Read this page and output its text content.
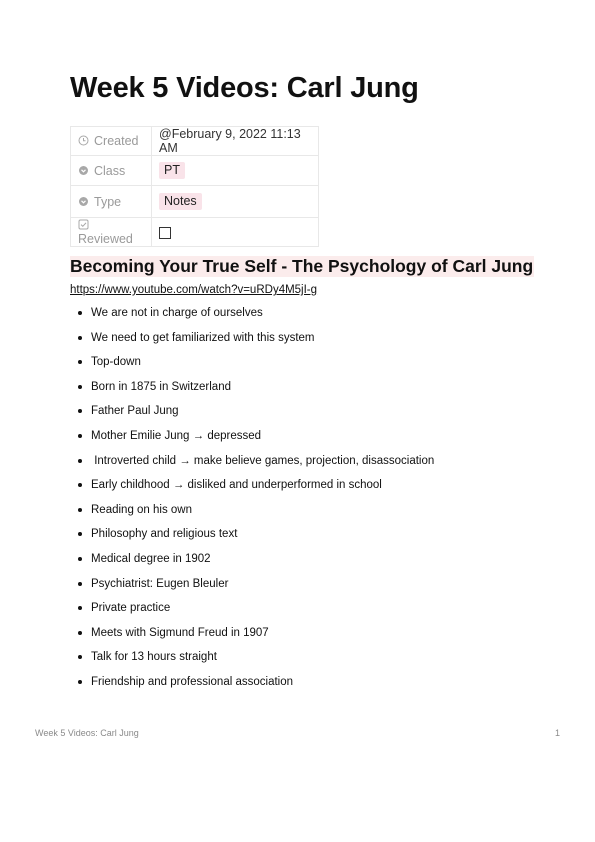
Week 5 Videos: Carl Jung
Created	@February 9, 2022 11:13 AM

Class	PT

Type	Notes

Reviewed	
Becoming Your True Self - The Psychology of Carl Jung
https://www.youtube.com/watch?v=uRDy4M5jI-g
We are not in charge of ourselves
We need to get familiarized with this system
Top-down
Born in 1875 in Switzerland
Father Paul Jung
Mother Emilie Jung → depressed
Introverted child → make believe games, projection, disassociation
Early childhood → disliked and underperformed in school
Reading on his own
Philosophy and religious text
Medical degree in 1902
Psychiatrist: Eugen Bleuler
Private practice
Meets with Sigmund Freud in 1907
Talk for 13 hours straight
Friendship and professional association
Week 5 Videos: Carl Jung	1
